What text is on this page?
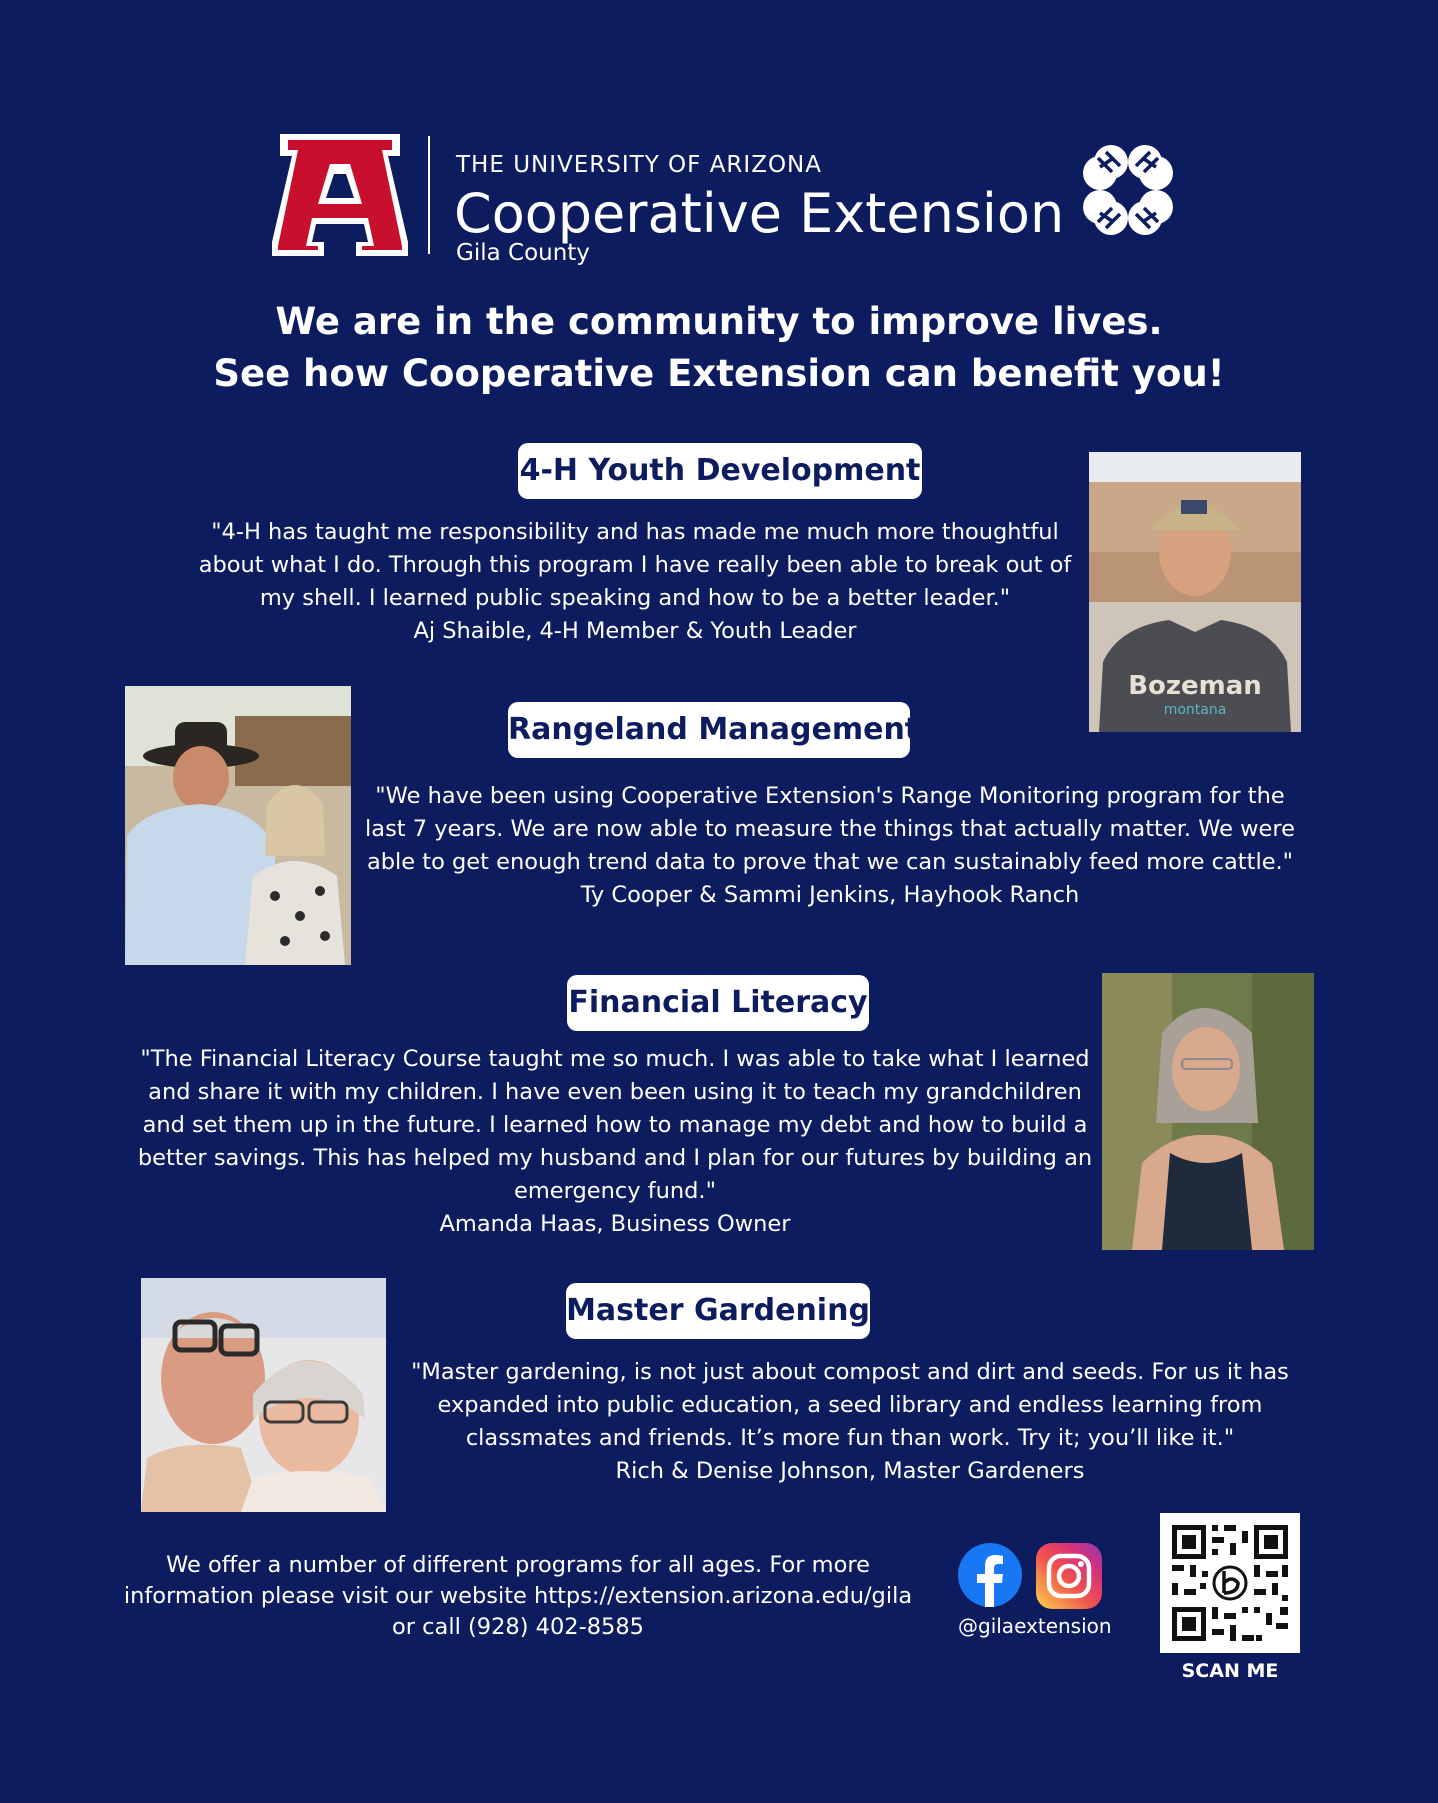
THE UNIVERSITY OF ARIZONA
Cooperative Extension
Gila County
We are in the community to improve lives.
See how Cooperative Extension can benefit you!
4-H Youth Development

"4-H has taught me responsibility and has made me much more thoughtful

about what I do. Through this program I have really been able to break out of

my shell. I learned public speaking and how to be a better leader."

Aj Shaible, 4-H Member & Youth Leader

Bozeman
montana
Rangeland Management

"We have been using Cooperative Extension's Range Monitoring program for the

last 7 years. We are now able to measure the things that actually matter. We were

able to get enough trend data to prove that we can sustainably feed more cattle."

Ty Cooper & Sammi Jenkins, Hayhook Ranch

Financial Literacy

"The Financial Literacy Course taught me so much. I was able to take what I learned

and share it with my children. I have even been using it to teach my grandchildren

and set them up in the future. I learned how to manage my debt and how to build a

better savings. This has helped my husband and I plan for our futures by building an

emergency fund."

Amanda Haas, Business Owner

Master Gardening

"Master gardening, is not just about compost and dirt and seeds. For us it has

expanded into public education, a seed library and endless learning from

classmates and friends. It’s more fun than work. Try it; you’ll like it."

Rich & Denise Johnson, Master Gardeners

We offer a number of different programs for all ages. For more

information please visit our website https://extension.arizona.edu/gila

or call (928) 402-8585	@gilaextension
SCAN ME
